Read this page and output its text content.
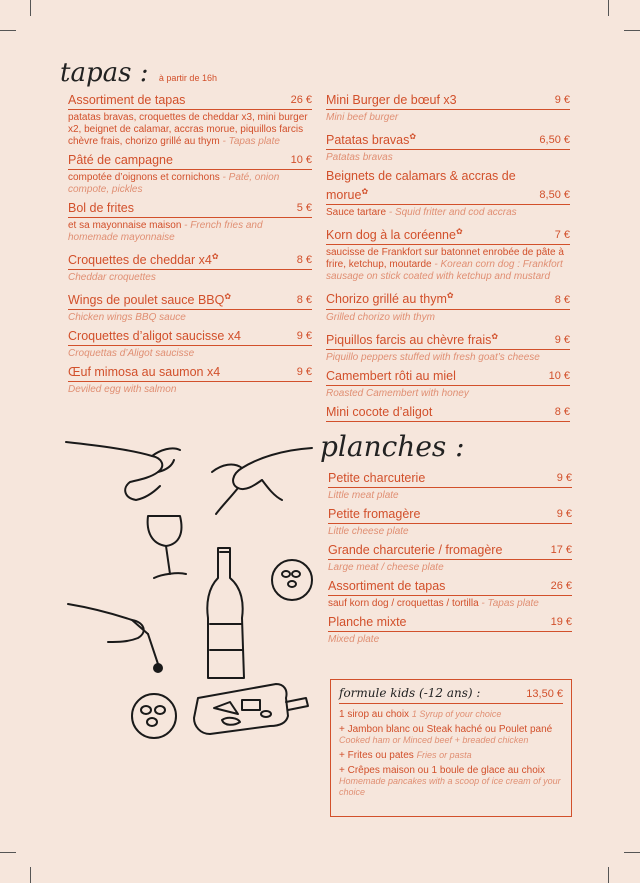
tapas : à partir de 16h
Assortiment de tapas	26 €
patatas bravas, croquettes de cheddar x3, mini burger x2, beignet de calamar, accras morue, piquillos farcis chèvre frais, chorizo grillé au thym - Tapas plate
Pâté de campagne	10 €
compotée d’oignons et cornichons - Paté, onion compote, pickles
Bol de frites	5 €
et sa mayonnaise maison - French fries and homemade mayonnaise
Croquettes de cheddar x4✿	8 €
Cheddar croquettes
Wings de poulet sauce BBQ✿	8 €
Chicken wings BBQ sauce
Croquettes d’aligot saucisse x4	9 €
Croquettas d’Aligot saucisse
Œuf mimosa au saumon x4	9 €
Deviled egg with salmon
Mini Burger de bœuf x3	9 €
Mini beef burger
Patatas bravas✿	6,50 €
Patatas bravas
Beignets de calamars & accras de morue✿	8,50 €
Sauce tartare - Squid fritter and cod accras
Korn dog à la coréenne✿	7 €
saucisse de Frankfort sur batonnet enrobée de pâte à frire, ketchup, moutarde - Korean corn dog : Frankfort sausage on stick coated with ketchup and mustard
Chorizo grillé au thym✿	8 €
Grilled chorizo with thym
Piquillos farcis au chèvre frais✿	9 €
Piquillo peppers stuffed with fresh goat’s cheese
Camembert rôti au miel	10 €
Roasted Camembert with honey
Mini cocote d’aligot	8 €
planches :
Petite charcuterie	9 €
Little meat plate
Petite fromagère	9 €
Little cheese plate
Grande charcuterie / fromagère	17 €
Large meat / cheese plate
Assortiment de tapas	26 €
sauf korn dog / croquettas / tortilla - Tapas plate
Planche mixte	19 €
Mixed plate
formule kids (-12 ans) :	13,50 €
1 sirop au choix 1 Syrup of your choice
+ Jambon blanc ou Steak haché ou Poulet pané Cooked ham or Minced beef + breaded chicken
+ Frites ou pates Fries or pasta
+ Crêpes maison ou 1 boule de glace au choix Homemade pancakes with a scoop of ice cream of your choice
